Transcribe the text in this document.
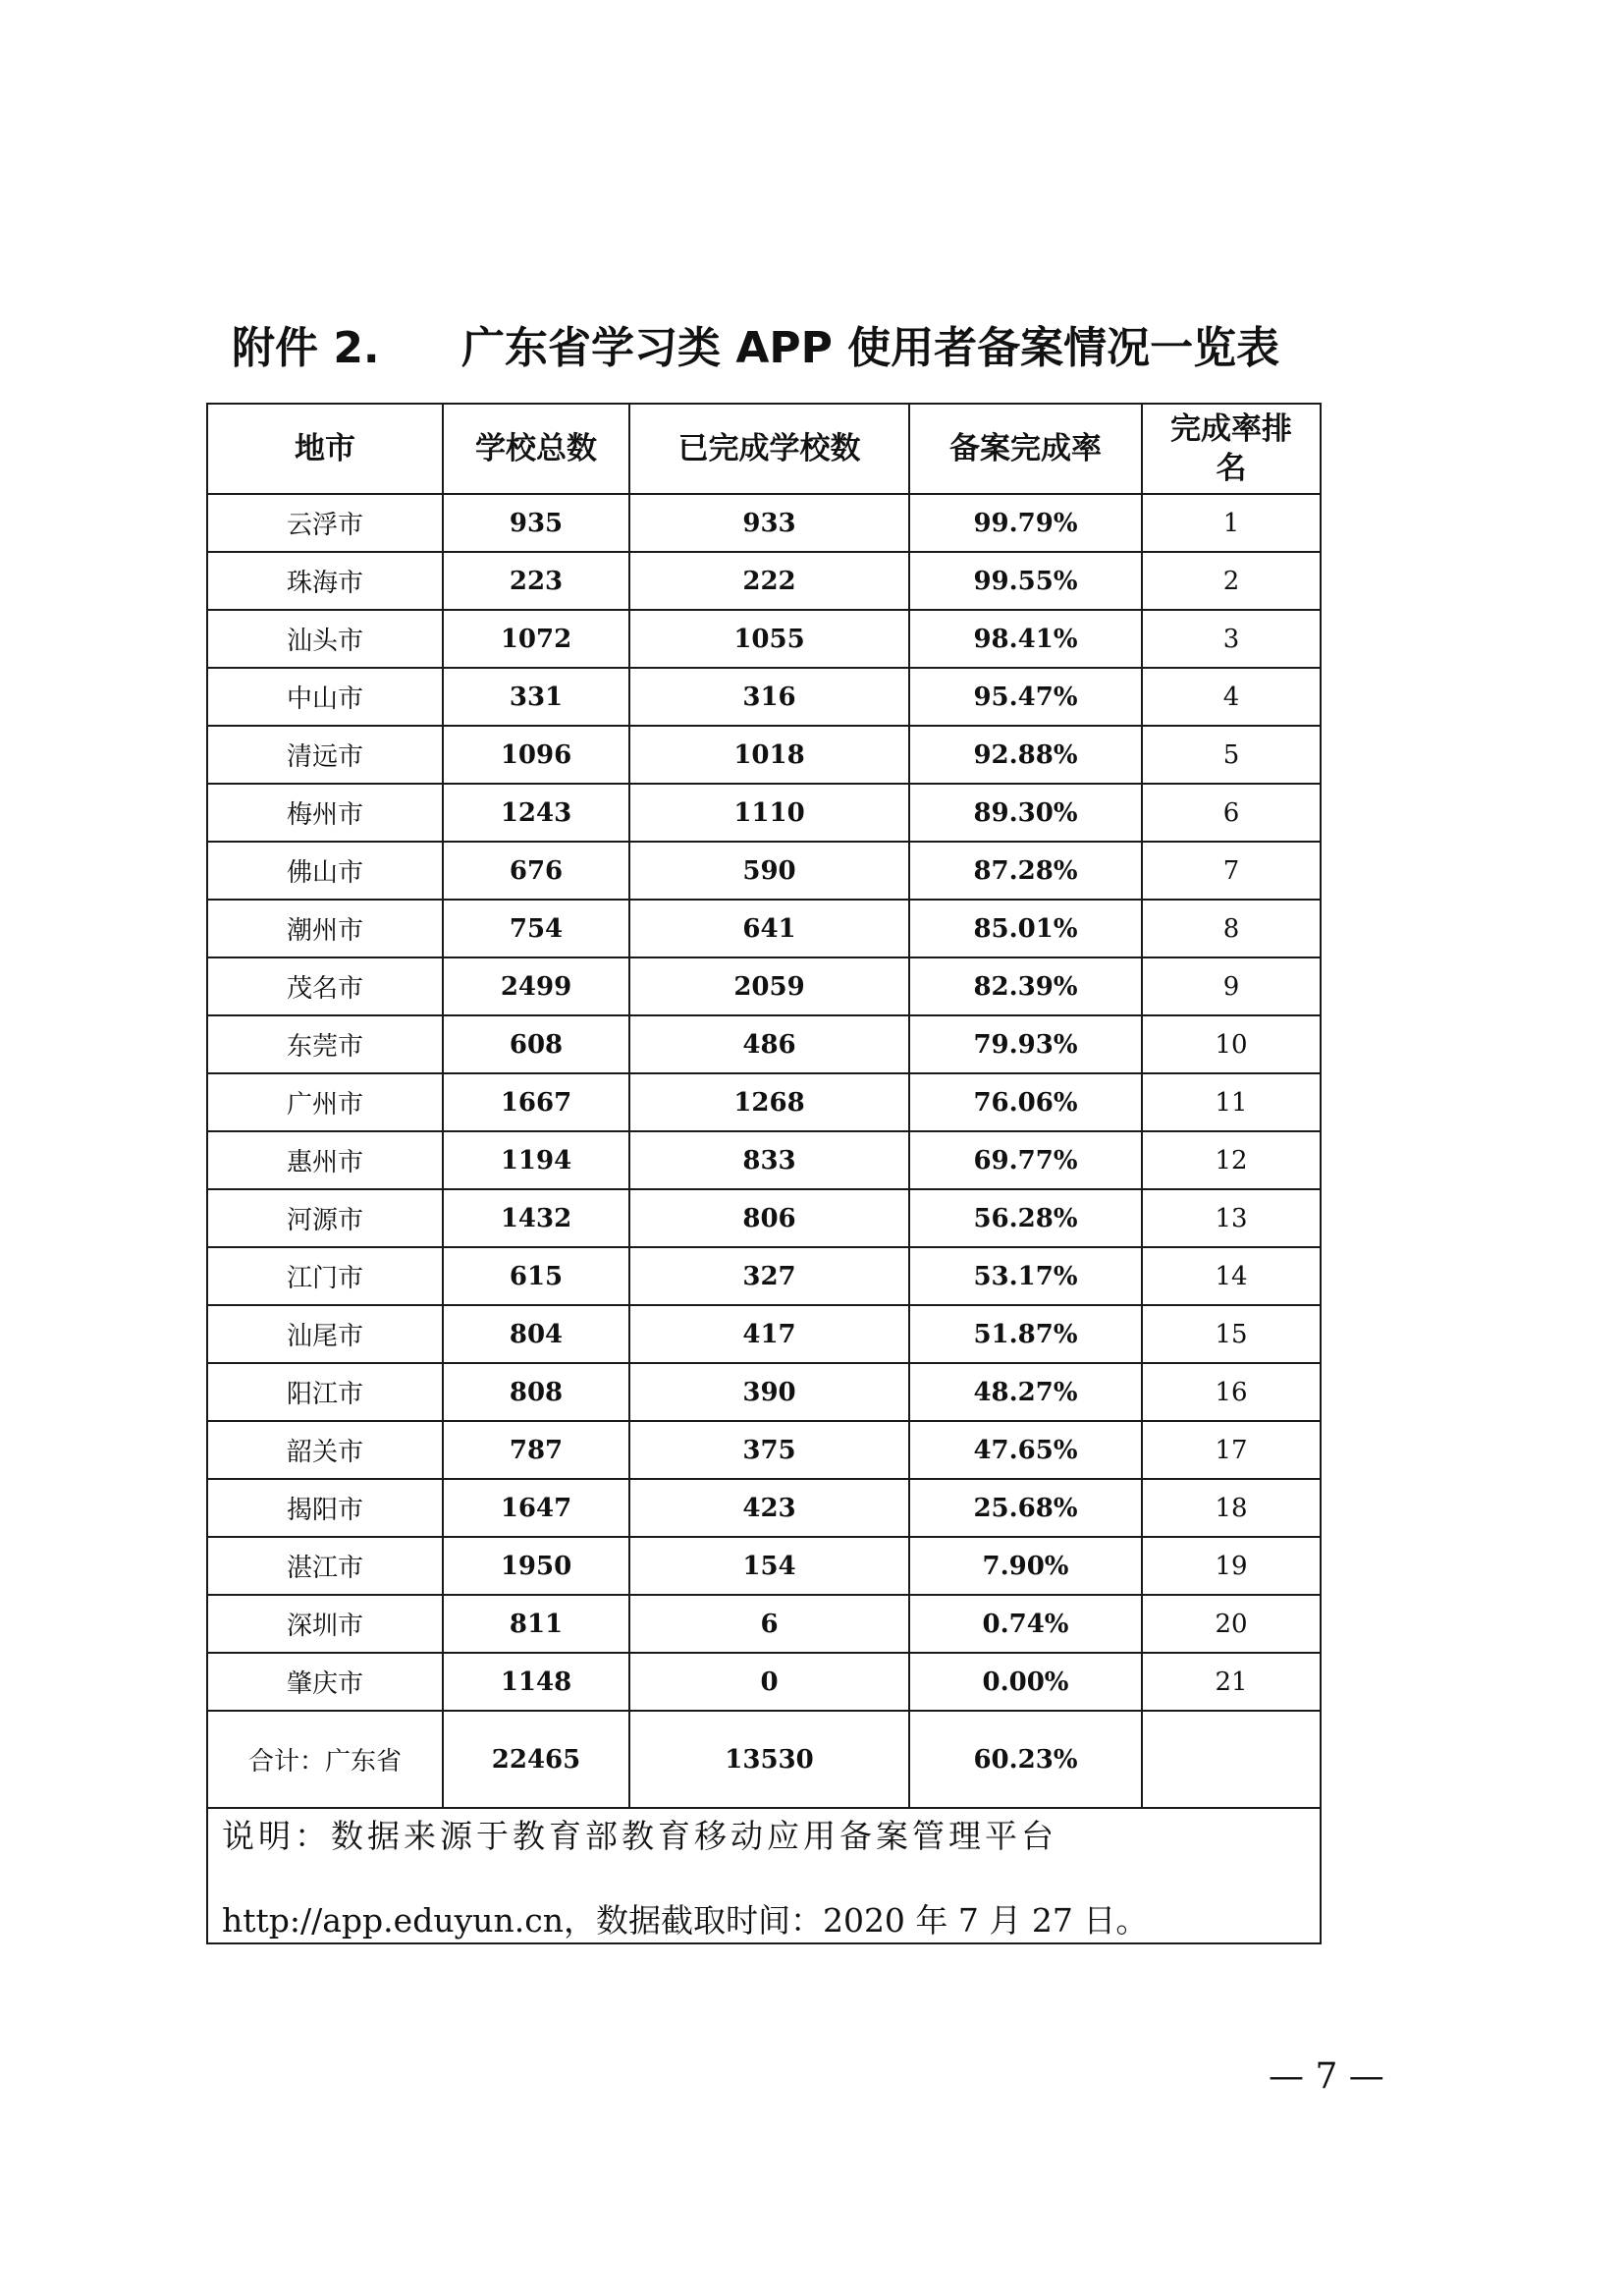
附件 2. 广东省学习类 APP 使用者备案情况一览表
地市	学校总数	已完成学校数	备案完成率	完成率排名
云浮市	935	933	99.79%	1
珠海市	223	222	99.55%	2
汕头市	1072	1055	98.41%	3
中山市	331	316	95.47%	4
清远市	1096	1018	92.88%	5
梅州市	1243	1110	89.30%	6
佛山市	676	590	87.28%	7
潮州市	754	641	85.01%	8
茂名市	2499	2059	82.39%	9
东莞市	608	486	79.93%	10
广州市	1667	1268	76.06%	11
惠州市	1194	833	69.77%	12
河源市	1432	806	56.28%	13
江门市	615	327	53.17%	14
汕尾市	804	417	51.87%	15
阳江市	808	390	48.27%	16
韶关市	787	375	47.65%	17
揭阳市	1647	423	25.68%	18
湛江市	1950	154	7.90%	19
深圳市	811	6	0.74%	20
肇庆市	1148	0	0.00%	21
合计：广东省	22465	13530	60.23%	

说明：数据来源于教育部教育移动应用备案管理平台
http://app.eduyun.cn，数据截取时间：2020 年 7 月 27 日。				
— 7 —
